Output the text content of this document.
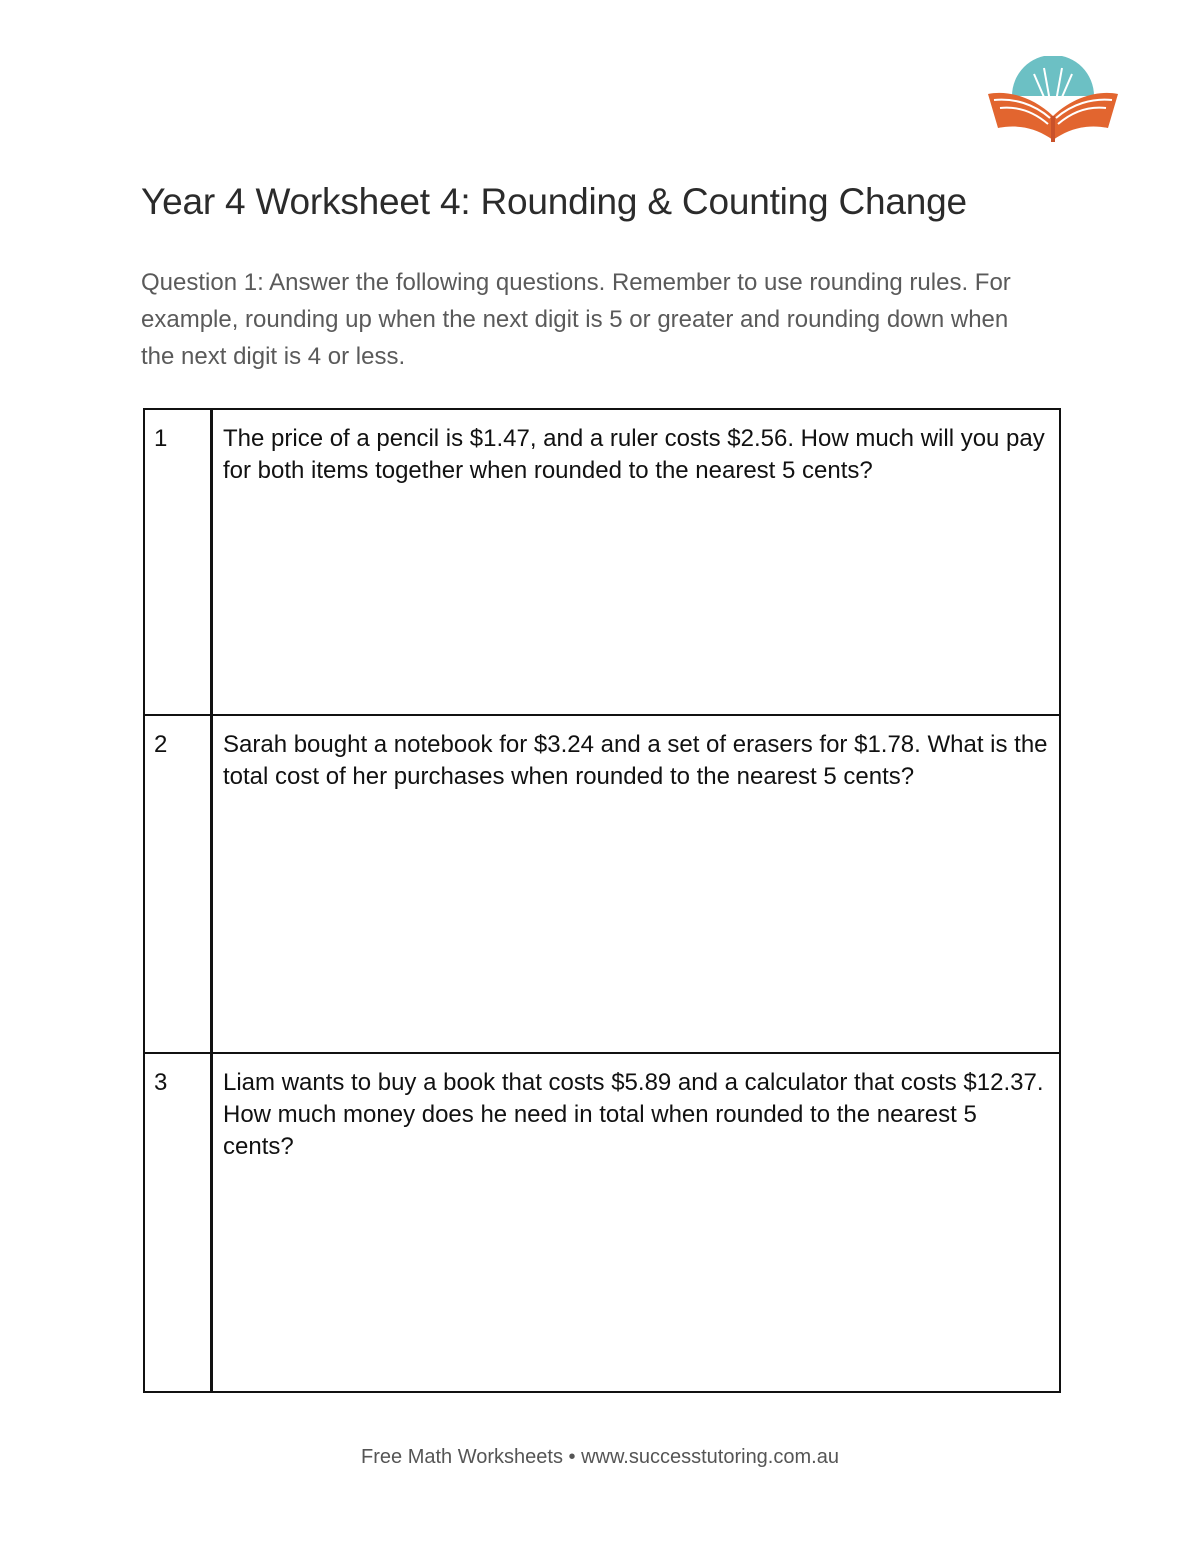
Year 4 Worksheet 4: Rounding & Counting Change

Question 1: Answer the following questions. Remember to use rounding rules. For example, rounding up when the next digit is 5 or greater and rounding down when the next digit is 4 or less.

1	The price of a pencil is $1.47, and a ruler costs $2.56. How much will you pay for both items together when rounded to the nearest 5 cents?
2	Sarah bought a notebook for $3.24 and a set of erasers for $1.78. What is the total cost of her purchases when rounded to the nearest 5 cents?
3	Liam wants to buy a book that costs $5.89 and a calculator that costs $12.37. How much money does he need in total when rounded to the nearest 5 cents?
Free Math Worksheets • www.successtutoring.com.au
